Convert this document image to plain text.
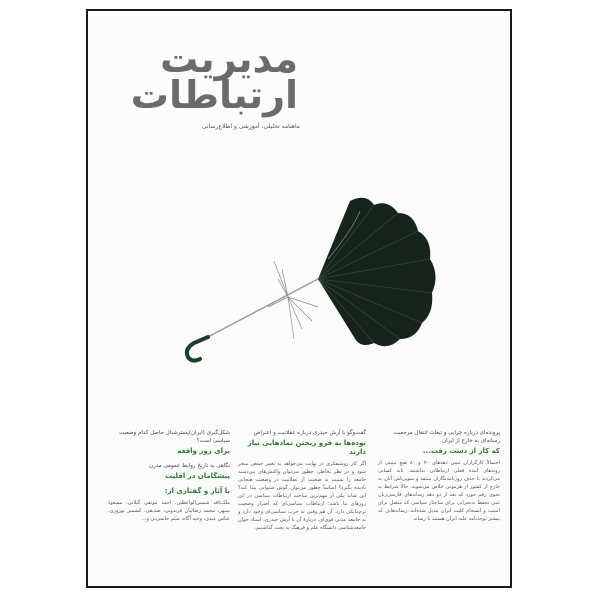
مدیریت
ارتباطات
ماهنامه تحلیلی، آموزشی و اطلاع‌رسانی
پرونده‌ای درباره چرایی و تبعات انتقال مرجعیت رسانه‌ای به خارج از ایران
که کار از دست رفت...
احتمالاً کارگزاران تبیین دهه‌های ۷۰ و ۸۰ هیچ تبیینی از روندهای آینده فعلی ارتباطاتی نداشتند، تایه کسانی می‌کردند با حذف روزنامه‌نگاران منتقد و سوپرتاش آنان به خارج از کشور از هژمونی خلاص می‌شوند. حالا شرایط به نحوی رقم خورد که بعد از دو دهه رسانه‌های فارسی‌زبان ثبتی تحفظ به‌بحرانی برای ساختار سیاسی که متصل برای امنیت و انسجام کلیت ایران تبدیل شده‌اند، رسانه‌هایی که بیشتر توجه‌نامه علیه ایران هستند تا رسانه.
گفت‌وگو با آرش حیدری درباره عقلانیت و اعتراض
توده‌ها به فرو ریختن نمادهایی نیاز دارند
اگر کار روشنفکری در نهایت می‌خواهد به تغییر جمعی منجر شود و در نظر بخاطر، چطور می‌توان واکنش‌های بین‌دسته جامعه را نسبت به صحبت از عقلانیت در وضعیت هیجانی نادیده بگیرد؟ اساساً چطور می‌توان گوش شنوایی پیدا کند؟ این شاید یکی از مهم‌ترین مباحث ارتباطات سیاسی در این روزهای ما باشد؛ ارتباطات سیاسی‌ای که اصرار وضعیت نرم‌مایکی دارد. آن هم وقتی نه حزب سیاسی‌ای وجود دارد و نه جامعه مدنی قوی‌ای. دربارهٔ آن با آرش حیدری، استاد جوان جامعه‌شناسی دانشگاه علم و فرهنگ به بحث گذاشتیم.
شکل‌گیری (ایران)پسترشنال حاصل کدام وضعیت سیاسی است؟
برای روز واقعه
نگاهی به تاریخ روابط عمومی مدرن
پیشگامان در اقلیت
با آثار و گفتاری از:
ملک‌تاقه شمس‌الواعظین، احمد موثقی گیلانی، مسعود سپهر، محمد رضائیان فریدونی، صدیقی، کشمیر نوروزی، عباس عبدی، وحید آگاه، میثم خاتمی‌پی و...
